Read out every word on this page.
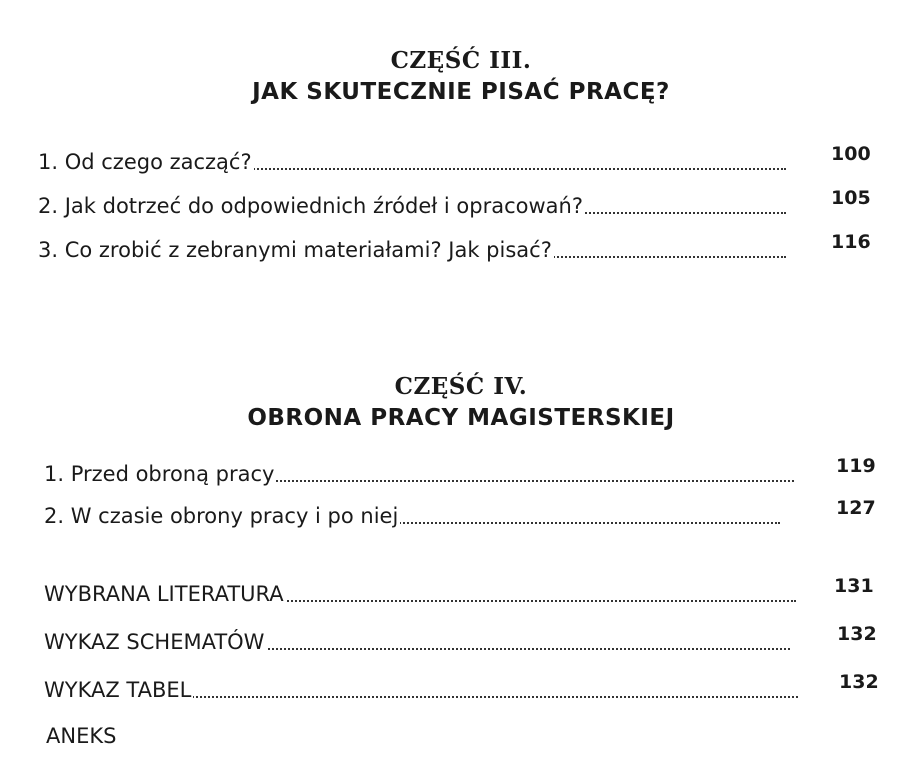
CZĘŚĆ III.
JAK SKUTECZNIE PISAĆ PRACĘ?
1. Od czego zacząć?	100
2. Jak dotrzeć do odpowiednich źródeł i opracowań?	105
3. Co zrobić z zebranymi materiałami? Jak pisać?	116
CZĘŚĆ IV.
OBRONA PRACY MAGISTERSKIEJ
1. Przed obroną pracy	119
2. W czasie obrony pracy i po niej	127
WYBRANA LITERATURA	131
WYKAZ SCHEMATÓW	132
WYKAZ TABEL	132
ANEKS
